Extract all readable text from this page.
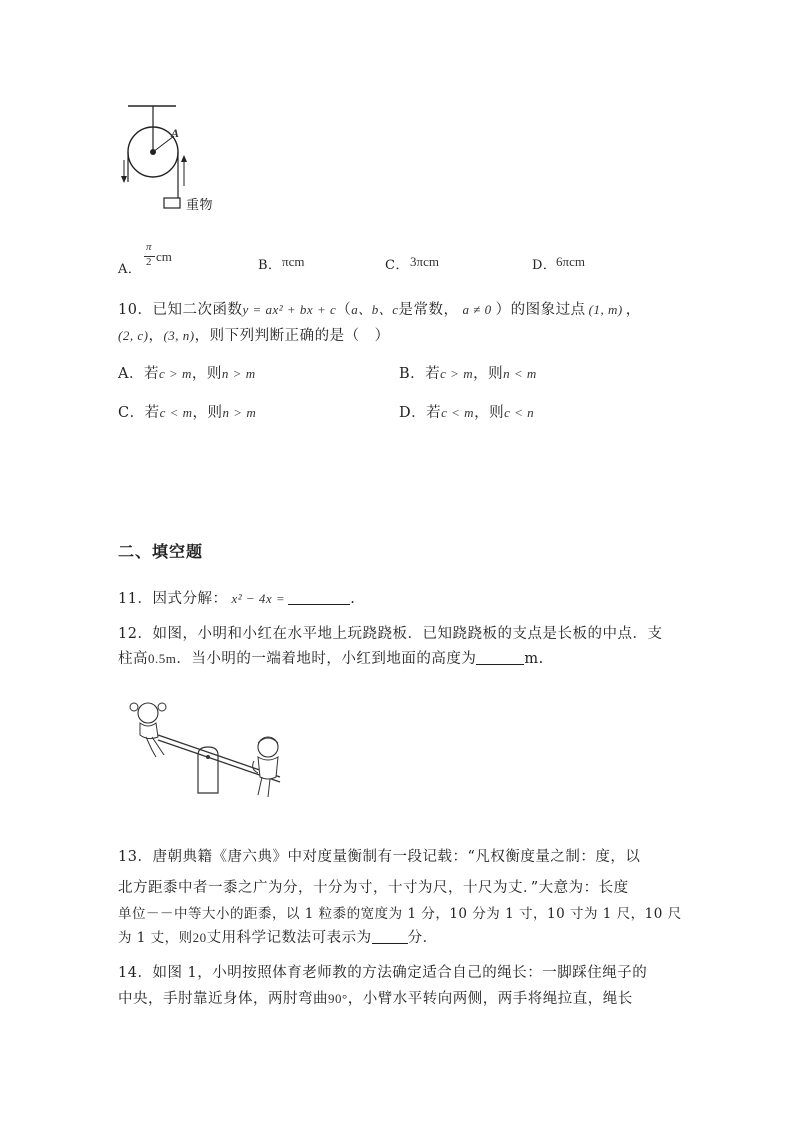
A
重物
A．
π
2 cm
B． πcm	C． 3πcm	D． 6πcm
10．已知二次函数y = ax² + bx + c（a、b、c是常数， a ≠ 0 ）的图象过点 (1, m) ，
(2, c)，(3, n)，则下列判断正确的是（　）
A．若c > m，则n > m	B．若c > m，则n < m
C．若c < m，则n > m	D．若c < m，则c < n
二、填空题
11．因式分解： x² − 4x =	.
12．如图，小明和小红在水平地上玩跷跷板．已知跷跷板的支点是长板的中点．支
柱高0.5m．当小明的一端着地时，小红到地面的高度为	m.
13．唐朝典籍《唐六典》中对度量衡制有一段记载：“凡权衡度量之制：度，以
北方距黍中者一黍之广为分，十分为寸，十寸为尺，十尺为丈．”大意为：长度
单位－－中等大小的距黍，以 1 粒黍的宽度为 1 分，10 分为 1 寸，10 寸为 1 尺，10 尺
为 1 丈，则20丈用科学记数法可表示为 分．
14．如图 1，小明按照体育老师教的方法确定适合自己的绳长：一脚踩住绳子的
中央，手肘靠近身体，两肘弯曲90°，小臂水平转向两侧，两手将绳拉直，绳长
